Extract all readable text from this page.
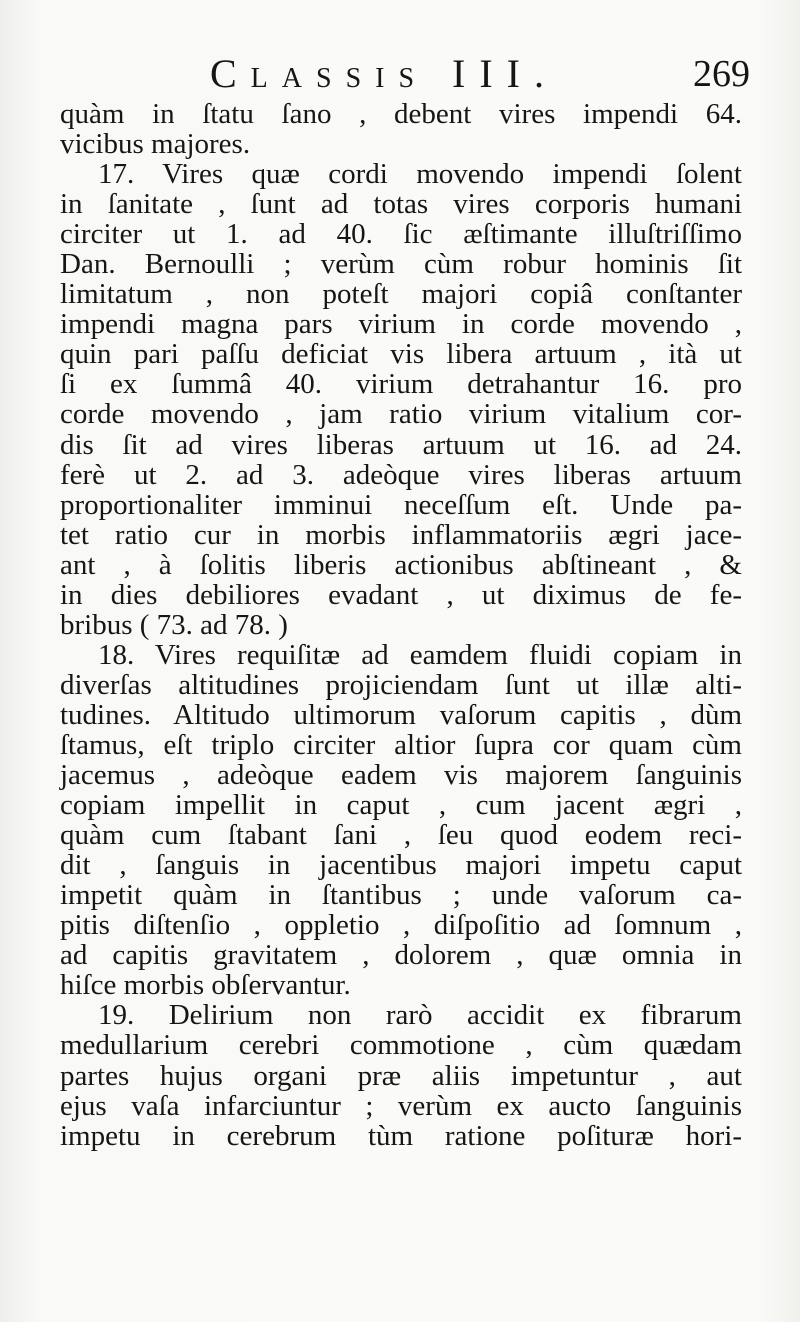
Classis III.	269
quàm in ſtatu ſano , debent vires impendi 64.
vicibus majores.
17. Vires quæ cordi movendo impendi ſolent
in ſanitate , ſunt ad totas vires corporis humani
circiter ut 1. ad 40. ſic æſtimante illuſtriſſimo
Dan. Bernoulli ; verùm cùm robur hominis ſit
limitatum , non poteſt majori copiâ conſtanter
impendi magna pars virium in corde movendo ,
quin pari paſſu deficiat vis libera artuum , ità ut
ſi ex ſummâ 40. virium detrahantur 16. pro
corde movendo , jam ratio virium vitalium cor-
dis ſit ad vires liberas artuum ut 16. ad 24.
ferè ut 2. ad 3. adeòque vires liberas artuum
proportionaliter imminui neceſſum eſt. Unde pa-
tet ratio cur in morbis inflammatoriis ægri jace-
ant , à ſolitis liberis actionibus abſtineant , &
in dies debiliores evadant , ut diximus de fe-
bribus ( 73. ad 78. )
18. Vires requiſitæ ad eamdem fluidi copiam in
diverſas altitudines projiciendam ſunt ut illæ alti-
tudines. Altitudo ultimorum vaſorum capitis , dùm
ſtamus, eſt triplo circiter altior ſupra cor quam cùm
jacemus , adeòque eadem vis majorem ſanguinis
copiam impellit in caput , cum jacent ægri ,
quàm cum ſtabant ſani , ſeu quod eodem reci-
dit , ſanguis in jacentibus majori impetu caput
impetit quàm in ſtantibus ; unde vaſorum ca-
pitis diſtenſio , oppletio , diſpoſitio ad ſomnum ,
ad capitis gravitatem , dolorem , quæ omnia in
hiſce morbis obſervantur.
19. Delirium non rarò accidit ex fibrarum
medullarium cerebri commotione , cùm quædam
partes hujus organi præ aliis impetuntur , aut
ejus vaſa infarciuntur ; verùm ex aucto ſanguinis
impetu in cerebrum tùm ratione poſituræ hori-
